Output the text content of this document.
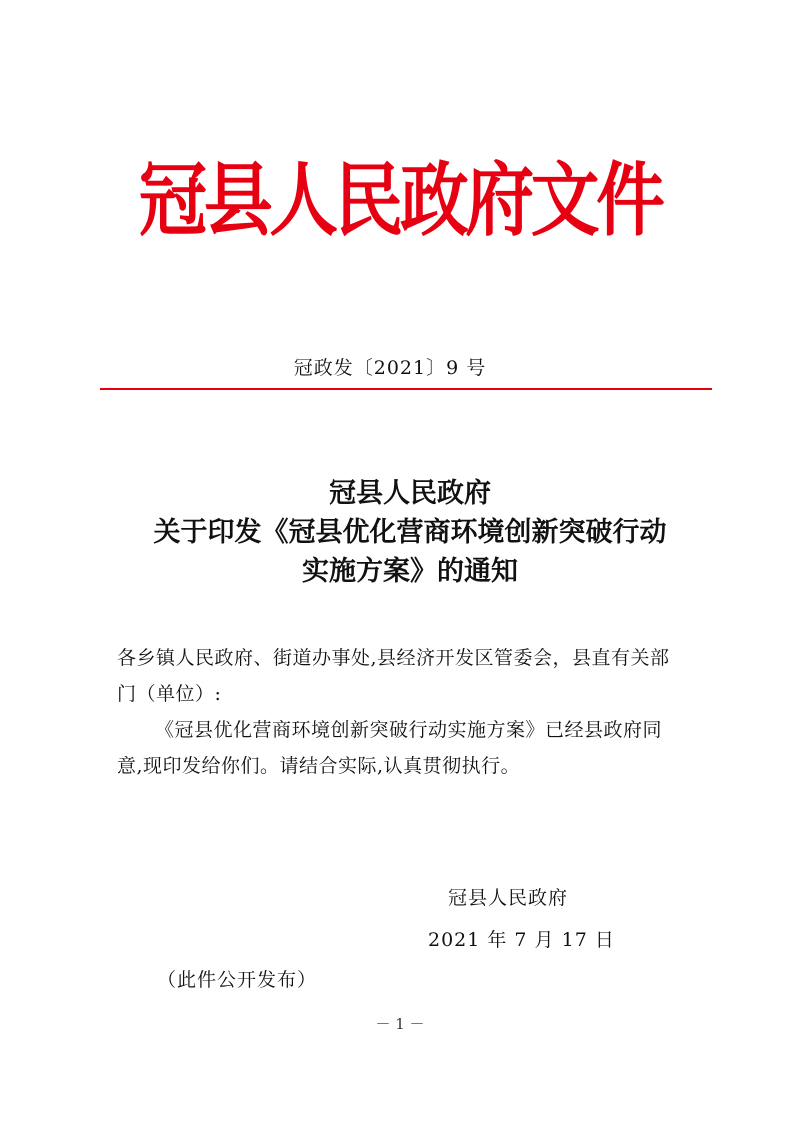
冠县人民政府文件
冠政发〔2021〕9 号
冠县人民政府
关于印发《冠县优化营商环境创新突破行动
实施方案》的通知
各乡镇人民政府、街道办事处,县经济开发区管委会，县直有关部门（单位）:
《冠县优化营商环境创新突破行动实施方案》已经县政府同意,现印发给你们。请结合实际,认真贯彻执行。
冠县人民政府
2021 年 7 月 17 日
（此件公开发布）
－ 1 －
